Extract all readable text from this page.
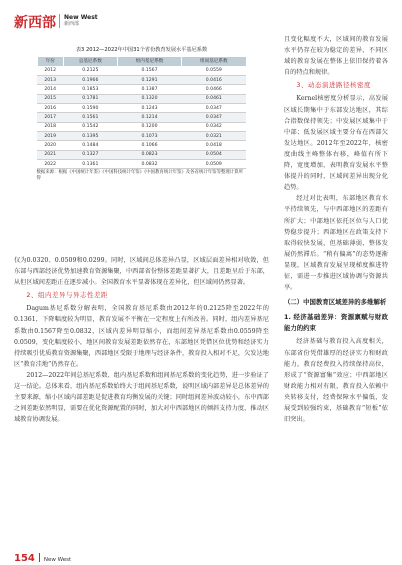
新西部 New West
新西部
表3 2012—2022年中国31个省份教育发展水平基尼系数
年份	总基尼系数	组内基尼系数	组间基尼系数
2012	0.2125	0.1567	0.0559
2013	0.1966	0.1291	0.0416
2014	0.1853	0.1387	0.0466
2015	0.1781	0.1320	0.0461
2016	0.1590	0.1243	0.0347
2017	0.1561	0.1214	0.0347
2018	0.1542	0.1200	0.0342
2019	0.1395	0.1073	0.0321
2020	0.1484	0.1066	0.0418
2021	0.1327	0.0823	0.0504
2022	0.1361	0.0832	0.0509
数据来源：根据《中国统计年鉴》《中国科技统计年鉴》《中国教育统计年鉴》及各省统计年鉴等整理计算所得

仅为0.0320、0.0509和0.0299。同时，区域间总体差异凸显，区域层面差异相对收敛，但东部与西部经济优势加速教育资源集聚，中西部省份整体差距显著扩大，且差距呈后于东部，从但区域间差距正在逐步减小。全国教育水平显著体现在差异化，但区域间仍然显著。

2、组内差异与异志性差距

Dagum基尼系数分解表明，全国教育基尼系数由2012年的0.2125降至2022年的0.1361，下降幅度较为明显，教育发展不平衡在一定程度上有所改善。同时，组内差异基尼系数由0.1567降至0.0832，区域内差异明显缩小，而组间差异基尼系数由0.0559降至0.0509，变化幅度较小，地区间教育发展差距依然存在，东部地区凭借区位优势和经济实力持续吸引优质教育资源集聚，西部地区受限于地理与经济条件，教育投入相对不足，欠发达地区“教育洼地”仍然存在。

2012—2022年间总基尼系数、组内基尼系数和组间基尼系数的变化趋势，进一步验证了这一结论。总体来看，组内基尼系数始终大于组间基尼系数，说明区域内部差异是总体差异的主要来源，缩小区域内部差距是促进教育均衡发展的关键；同时组间差异波动较小，东中西部之间差距依然明显，需要在优化资源配置的同时，加大对中西部地区的倾斜支持力度，推动区域教育协调发展。

且变化幅度不大，区域间的教育发展水平仍存在较为稳定的差异，不同区域的教育发展在整体上依旧保持着各自的特点和规律。

3、动态演进路径核密度

Kernel核密度分析显示，高发展区域长期集中于东部发达地区，其综合指数保持领先；中发展区域集中于中部；低发展区域主要分布在西部欠发达地区。2012年至2022年，核密度曲线主峰整体右移，峰值有所下降，宽度增加，表明教育发展水平整体提升的同时，区域间差异出现分化趋势。

经过对比表明，东部地区教育水平持续领先，与中西部地区的差距有所扩大；中部地区依托区位与人口优势稳步提升；西部地区在政策支持下取得较快发展，但基础薄弱，整体发展仍然滞后。“稍有偏离”的态势逐渐显现，区域教育发展呈现梯度推进特征，需进一步推进区域协调与资源共享。

（二）中国教育区域差异的多维解析

1. 经济基础差异：资源禀赋与财政能力的约束

经济基础与教育投入高度相关，东部省份凭借雄厚的经济实力和财政能力，教育经费投入持续保持高位，形成了“资源富集”效应；中西部地区财政能力相对有限，教育投入依赖中央转移支付，经费保障水平偏低，发展受到较强约束，基础教育“短板”依旧突出。

154 New West
